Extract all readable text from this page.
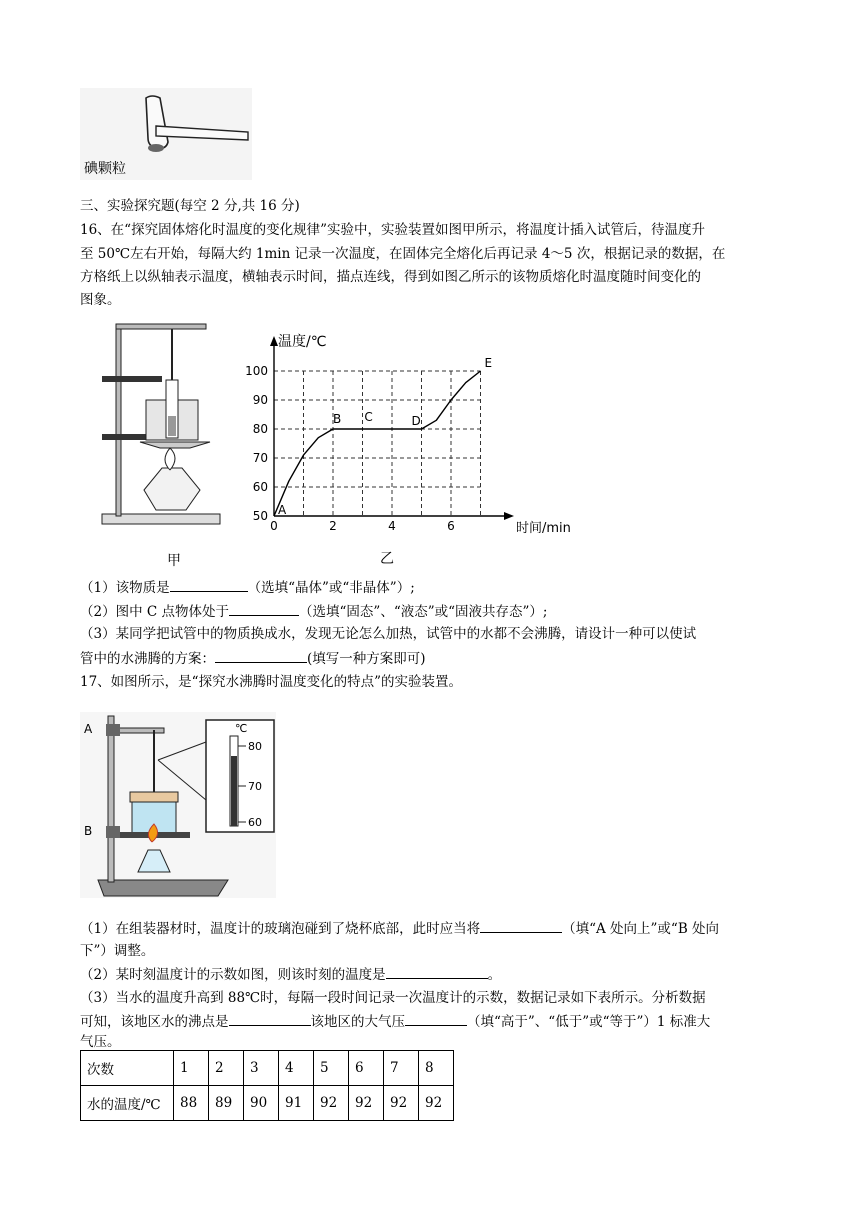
碘颗粒
三、实验探究题(每空 2 分,共 16 分)
16、在“探究固体熔化时温度的变化规律”实验中，实验装置如图甲所示，将温度计插入试管后，待温度升
至 50℃左右开始，每隔大约 1min 记录一次温度，在固体完全熔化后再记录 4～5 次，根据记录的数据，在
方格纸上以纵轴表示温度，横轴表示时间，描点连线，得到如图乙所示的该物质熔化时温度随时间变化的
图象。
甲
温度/℃
时间/min
50
60
70
80
90
100
0	2	4	6
A
B C	D
E
乙
（1）该物质是	（选填“晶体”或“非晶体”）;
（2）图中 C 点物体处于	（选填“固态”、“液态”或“固液共存态”）;
（3）某同学把试管中的物质换成水，发现无论怎么加热，试管中的水都不会沸腾，请设计一种可以使试
管中的水沸腾的方案：	(填写一种方案即可)
17、如图所示，是“探究水沸腾时温度变化的特点”的实验装置。
A
B
℃
80
70
60
（1）在组装器材时，温度计的玻璃泡碰到了烧杯底部，此时应当将	（填“A 处向上”或“B 处向
下”）调整。
（2）某时刻温度计的示数如图，则该时刻的温度是	。
（3）当水的温度升高到 88℃时，每隔一段时间记录一次温度计的示数，数据记录如下表所示。分析数据
可知，该地区水的沸点是	该地区的大气压	（填“高于”、“低于”或“等于”）1 标准大
气压。
次数	1	2	3	4	5	6	7	8
水的温度/℃	88	89	90	91	92	92	92	92
